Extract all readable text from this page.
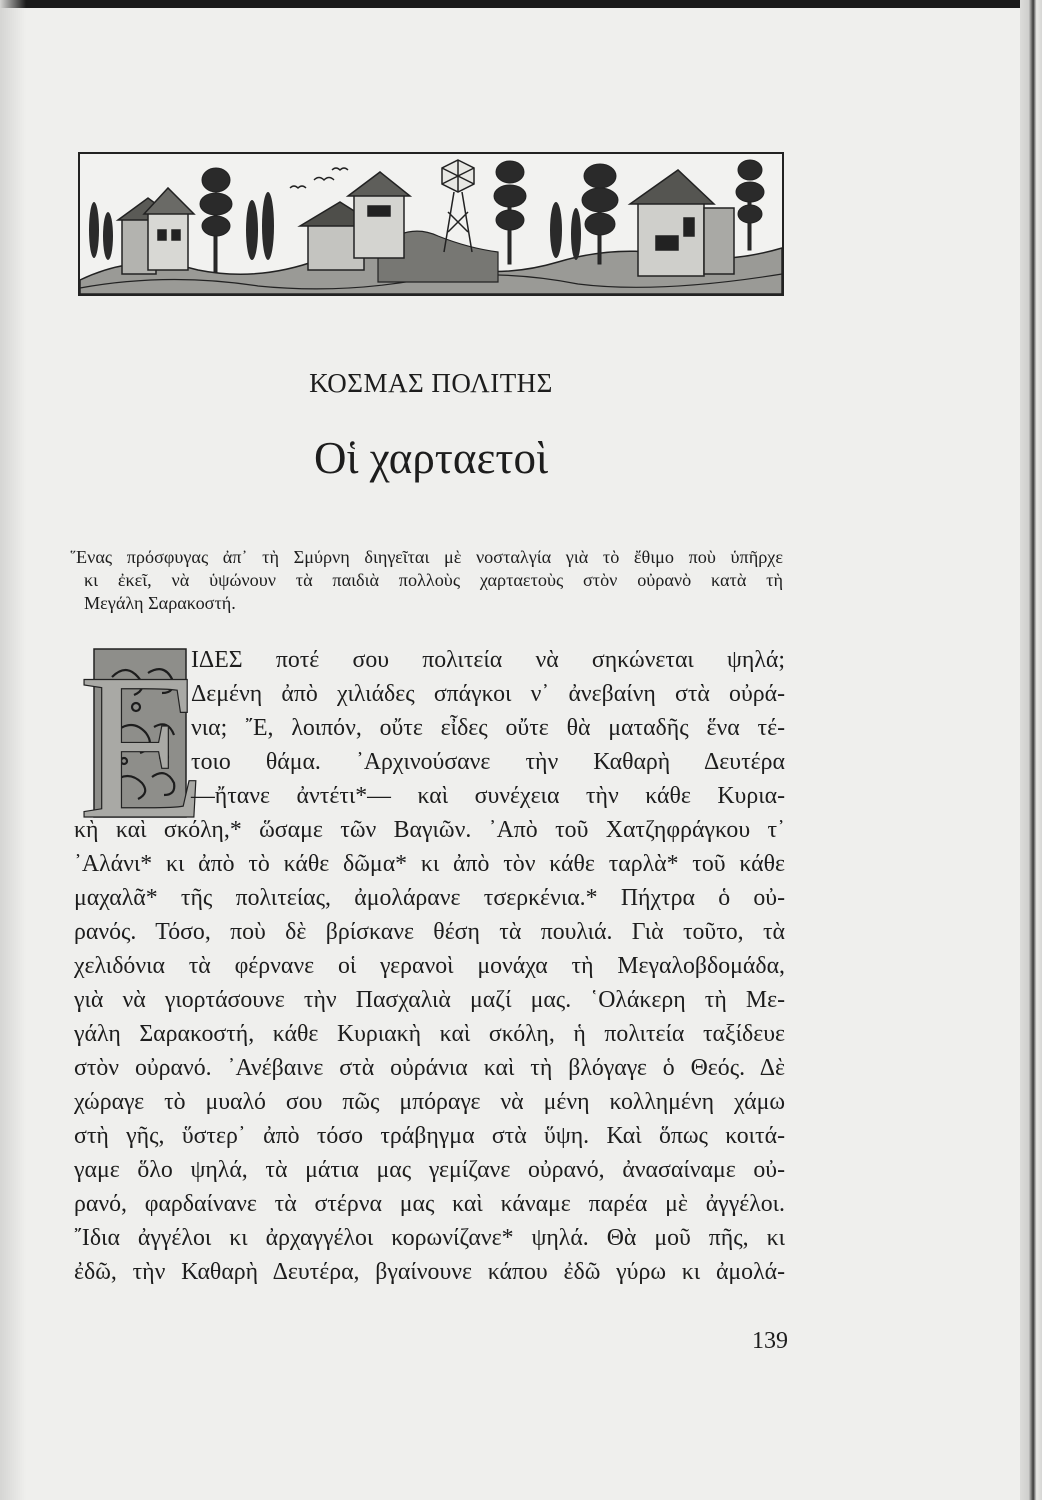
ΚΟΣΜΑΣ ΠΟΛΙΤΗΣ
Οἱ χαρταετοὶ
῞Ενας πρόσφυγας ἀπ᾿ τὴ Σμύρνη διηγεῖται μὲ νοσταλγία γιὰ τὸ ἔθιμο ποὺ ὑπῆρχε
κι ἐκεῖ, νὰ ὑψώνουν τὰ παιδιὰ πολλοὺς χαρταετοὺς στὸν οὐρανὸ κατὰ τὴ
Μεγάλη Σαρακοστή.
Ε
ΙΔΕΣ ποτέ σου πολιτεία νὰ σηκώνεται ψηλά;
Δεμένη ἀπὸ χιλιάδες σπάγκοι ν᾿ ἀνεβαίνη στὰ οὐρά-
νια; ῎Ε, λοιπόν, οὔτε εἶδες οὔτε θὰ ματαδῆς ἕνα τέ-
τοιο θάμα. ᾿Αρχινούσανε τὴν Καθαρὴ Δευτέρα
—ἤτανε ἀντέτι*— καὶ συνέχεια τὴν κάθε Κυρια-
κὴ καὶ σκόλη,* ὥσαμε τῶν Βαγιῶν. ᾿Απὸ τοῦ Χατζηφράγκου τ᾿
᾿Αλάνι* κι ἀπὸ τὸ κάθε δῶμα* κι ἀπὸ τὸν κάθε ταρλὰ* τοῦ κάθε
μαχαλᾶ* τῆς πολιτείας, ἀμολάρανε τσερκένια.* Πήχτρα ὁ οὐ-
ρανός. Τόσο, ποὺ δὲ βρίσκανε θέση τὰ πουλιά. Γιὰ τοῦτο, τὰ
χελιδόνια τὰ φέρνανε οἱ γερανοὶ μονάχα τὴ Μεγαλοβδομάδα,
γιὰ νὰ γιορτάσουνε τὴν Πασχαλιὰ μαζί μας. ῾Ολάκερη τὴ Με-
γάλη Σαρακοστή, κάθε Κυριακὴ καὶ σκόλη, ἡ πολιτεία ταξίδευε
στὸν οὐρανό. ᾿Ανέβαινε στὰ οὐράνια καὶ τὴ βλόγαγε ὁ Θεός. Δὲ
χώραγε τὸ μυαλό σου πῶς μπόραγε νὰ μένη κολλημένη χάμω
στὴ γῆς, ὕστερ᾿ ἀπὸ τόσο τράβηγμα στὰ ὕψη. Καὶ ὅπως κοιτά-
γαμε ὅλο ψηλά, τὰ μάτια μας γεμίζανε οὐρανό, ἀνασαίναμε οὐ-
ρανό, φαρδαίνανε τὰ στέρνα μας καὶ κάναμε παρέα μὲ ἀγγέλοι.
῎Ιδια ἀγγέλοι κι ἀρχαγγέλοι κορωνίζανε* ψηλά. Θὰ μοῦ πῆς, κι
ἐδῶ, τὴν Καθαρὴ Δευτέρα, βγαίνουνε κάπου ἐδῶ γύρω κι ἀμολά-
139
